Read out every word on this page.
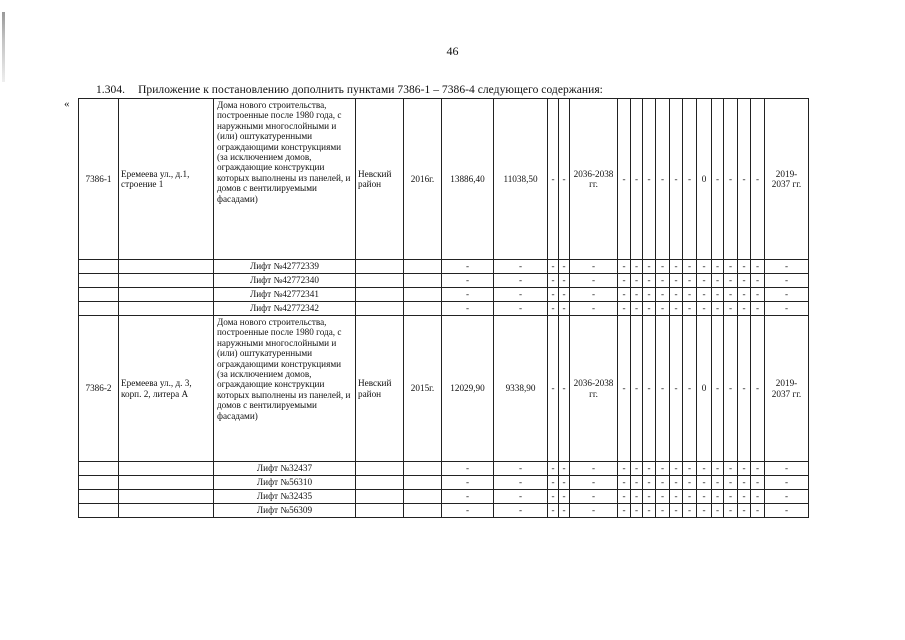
46
1.304. Приложение к постановлению дополнить пунктами 7386-1 – 7386-4 следующего содержания:
«
7386-1	Еремеева ул., д.1, строение 1	Дома нового строительства, построенные после 1980 года, с наружными многослойными и (или) оштукатуренными ограждающими конструкциями (за исключением домов, ограждающие конструкции которых выполнены из панелей, и домов с вентилируемыми фасадами)	Невский район	2016г.	13886,40	11038,50	-	-	2036-2038 гг.	-	-	-	-	-	-	0	-	-	-	-	2019-2037 гг.
		Лифт №42772339			-	-	-	-	-	-	-	-	-	-	-	-	-	-	-	-	-
		Лифт №42772340			-	-	-	-	-	-	-	-	-	-	-	-	-	-	-	-	-
		Лифт №42772341			-	-	-	-	-	-	-	-	-	-	-	-	-	-	-	-	-
		Лифт №42772342			-	-	-	-	-	-	-	-	-	-	-	-	-	-	-	-	-
7386-2	Еремеева ул., д. 3, корп. 2, литера А	Дома нового строительства, построенные после 1980 года, с наружными многослойными и (или) оштукатуренными ограждающими конструкциями (за исключением домов, ограждающие конструкции которых выполнены из панелей, и домов с вентилируемыми фасадами)	Невский район	2015г.	12029,90	9338,90	-	-	2036-2038 гг.	-	-	-	-	-	-	0	-	-	-	-	2019-2037 гг.
		Лифт №32437			-	-	-	-	-	-	-	-	-	-	-	-	-	-	-	-	-
		Лифт №56310			-	-	-	-	-	-	-	-	-	-	-	-	-	-	-	-	-
		Лифт №32435			-	-	-	-	-	-	-	-	-	-	-	-	-	-	-	-	-
		Лифт №56309			-	-	-	-	-	-	-	-	-	-	-	-	-	-	-	-	-
